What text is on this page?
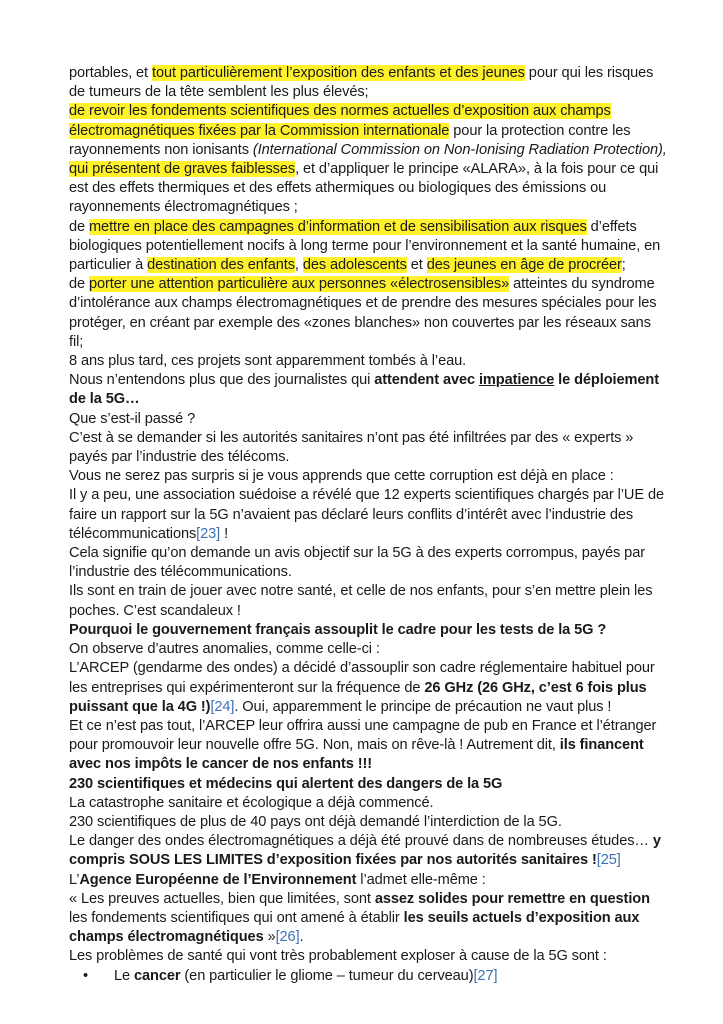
portables, et tout particulièrement l’exposition des enfants et des jeunes pour qui les risques de tumeurs de la tête semblent les plus élevés;

de revoir les fondements scientifiques des normes actuelles d’exposition aux champs électromagnétiques fixées par la Commission internationale pour la protection contre les rayonnements non ionisants (International Commission on Non-Ionising Radiation Protection), qui présentent de graves faiblesses, et d’appliquer le principe «ALARA», à la fois pour ce qui est des effets thermiques et des effets athermiques ou biologiques des émissions ou rayonnements électromagnétiques ;

de mettre en place des campagnes d’information et de sensibilisation aux risques d’effets biologiques potentiellement nocifs à long terme pour l’environnement et la santé humaine, en particulier à destination des enfants, des adolescents et des jeunes en âge de procréer;

de porter une attention particulière aux personnes «électrosensibles» atteintes du syndrome d’intolérance aux champs électromagnétiques et de prendre des mesures spéciales pour les protéger, en créant par exemple des «zones blanches» non couvertes par les réseaux sans fil;

8 ans plus tard, ces projets sont apparemment tombés à l’eau.

Nous n’entendons plus que des journalistes qui attendent avec impatience le déploiement de la 5G…

Que s’est-il passé ?

C’est à se demander si les autorités sanitaires n’ont pas été infiltrées par des « experts » payés par l’industrie des télécoms.

Vous ne serez pas surpris si je vous apprends que cette corruption est déjà en place :

Il y a peu, une association suédoise a révélé que 12 experts scientifiques chargés par l’UE de faire un rapport sur la 5G n’avaient pas déclaré leurs conflits d’intérêt avec l’industrie des télécommunications[23] !

Cela signifie qu’on demande un avis objectif sur la 5G à des experts corrompus, payés par l’industrie des télécommunications.

Ils sont en train de jouer avec notre santé, et celle de nos enfants, pour s’en mettre plein les poches. C’est scandaleux !

Pourquoi le gouvernement français assouplit le cadre pour les tests de la 5G ?

On observe d’autres anomalies, comme celle-ci :

L’ARCEP (gendarme des ondes) a décidé d’assouplir son cadre réglementaire habituel pour les entreprises qui expérimenteront sur la fréquence de 26 GHz (26 GHz, c’est 6 fois plus puissant que la 4G !)[24]. Oui, apparemment le principe de précaution ne vaut plus !

Et ce n’est pas tout, l’ARCEP leur offrira aussi une campagne de pub en France et l’étranger pour promouvoir leur nouvelle offre 5G. Non, mais on rêve-là ! Autrement dit, ils financent avec nos impôts le cancer de nos enfants !!!

230 scientifiques et médecins qui alertent des dangers de la 5G

La catastrophe sanitaire et écologique a déjà commencé.

230 scientifiques de plus de 40 pays ont déjà demandé l’interdiction de la 5G.

Le danger des ondes électromagnétiques a déjà été prouvé dans de nombreuses études… y compris SOUS LES LIMITES d’exposition fixées par nos autorités sanitaires ![25]

L’Agence Européenne de l’Environnement l’admet elle-même :

« Les preuves actuelles, bien que limitées, sont assez solides pour remettre en question les fondements scientifiques qui ont amené à établir les seuils actuels d’exposition aux champs électromagnétiques »[26].

Les problèmes de santé qui vont très probablement exploser à cause de la 5G sont :

• Le cancer (en particulier le gliome – tumeur du cerveau)[27]
